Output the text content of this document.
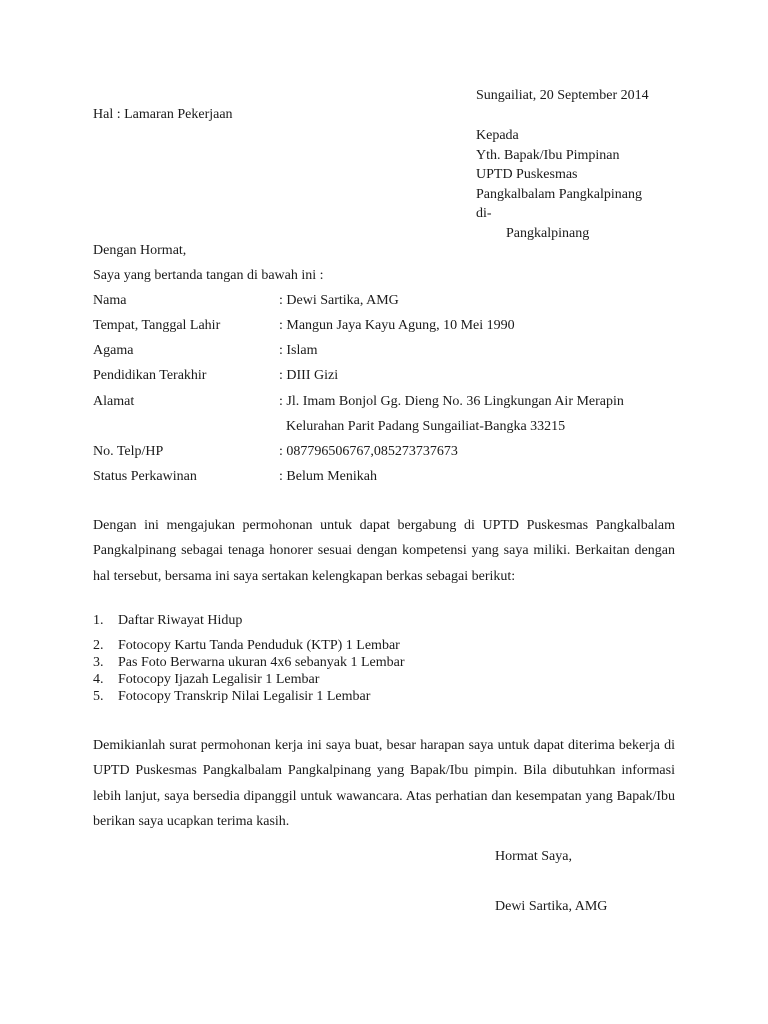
Sungailiat, 20 September 2014
Hal : Lamaran Pekerjaan
Kepada
Yth. Bapak/Ibu Pimpinan
UPTD Puskesmas
Pangkalbalam Pangkalpinang
di-
Pangkalpinang
Dengan Hormat,
Saya yang bertanda tangan di bawah ini :
Nama	: Dewi Sartika, AMG
Tempat, Tanggal Lahir	: Mangun Jaya Kayu Agung, 10 Mei 1990
Agama	: Islam
Pendidikan Terakhir	: DIII Gizi
Alamat	: Jl. Imam Bonjol Gg. Dieng No. 36 Lingkungan Air Merapin
Kelurahan Parit Padang Sungailiat-Bangka 33215
No. Telp/HP	: 087796506767,085273737673
Status Perkawinan	: Belum Menikah
Dengan ini mengajukan permohonan untuk dapat bergabung di UPTD Puskesmas Pangkalbalam Pangkalpinang sebagai tenaga honorer sesuai dengan kompetensi yang saya miliki. Berkaitan dengan hal tersebut, bersama ini saya sertakan kelengkapan berkas sebagai berikut:
1. Daftar Riwayat Hidup
2. Fotocopy Kartu Tanda Penduduk (KTP) 1 Lembar
3. Pas Foto Berwarna ukuran 4x6 sebanyak 1 Lembar
4. Fotocopy Ijazah Legalisir 1 Lembar
5. Fotocopy Transkrip Nilai Legalisir 1 Lembar
Demikianlah surat permohonan kerja ini saya buat, besar harapan saya untuk dapat diterima bekerja di UPTD Puskesmas Pangkalbalam Pangkalpinang yang Bapak/Ibu pimpin. Bila dibutuhkan informasi lebih lanjut, saya bersedia dipanggil untuk wawancara. Atas perhatian dan kesempatan yang Bapak/Ibu berikan saya ucapkan terima kasih.
Hormat Saya,
Dewi Sartika, AMG
